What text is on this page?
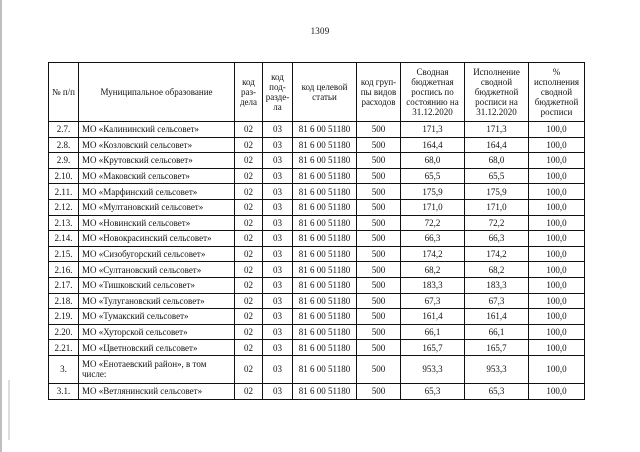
1309
№ п/п	Муниципальное образование	код раз-дела	код под-разде-ла	код целевой статьи	код груп-пы видов расходов	Сводная бюджетная роспись по состоянию на 31.12.2020	Исполнение сводной бюджетной росписи на 31.12.2020	% исполнения сводной бюджетной росписи
2.7.	МО «Калининский сельсовет»	02	03	81 6 00 51180	500	171,3	171,3	100,0
2.8.	МО «Козловский сельсовет»	02	03	81 6 00 51180	500	164,4	164,4	100,0
2.9.	МО «Крутовский сельсовет»	02	03	81 6 00 51180	500	68,0	68,0	100,0
2.10.	МО «Маковский сельсовет»	02	03	81 6 00 51180	500	65,5	65,5	100,0
2.11.	МО «Марфинский сельсовет»	02	03	81 6 00 51180	500	175,9	175,9	100,0
2.12.	МО «Мултановский сельсовет»	02	03	81 6 00 51180	500	171,0	171,0	100,0
2.13.	МО «Новинский сельсовет»	02	03	81 6 00 51180	500	72,2	72,2	100,0
2.14.	МО «Новокрасинский сельсовет»	02	03	81 6 00 51180	500	66,3	66,3	100,0
2.15.	МО «Сизобугорский сельсовет»	02	03	81 6 00 51180	500	174,2	174,2	100,0
2.16.	МО «Султановский сельсовет»	02	03	81 6 00 51180	500	68,2	68,2	100,0
2.17.	МО «Тишковский сельсовет»	02	03	81 6 00 51180	500	183,3	183,3	100,0
2.18.	МО «Тулугановский сельсовет»	02	03	81 6 00 51180	500	67,3	67,3	100,0
2.19.	МО «Тумакский сельсовет»	02	03	81 6 00 51180	500	161,4	161,4	100,0
2.20.	МО «Хуторской сельсовет»	02	03	81 6 00 51180	500	66,1	66,1	100,0
2.21.	МО «Цветновский сельсовет»	02	03	81 6 00 51180	500	165,7	165,7	100,0
3.	МО «Енотаевский район», в том числе:	02	03	81 6 00 51180	500	953,3	953,3	100,0
3.1.	МО «Ветлянинский сельсовет»	02	03	81 6 00 51180	500	65,3	65,3	100,0
